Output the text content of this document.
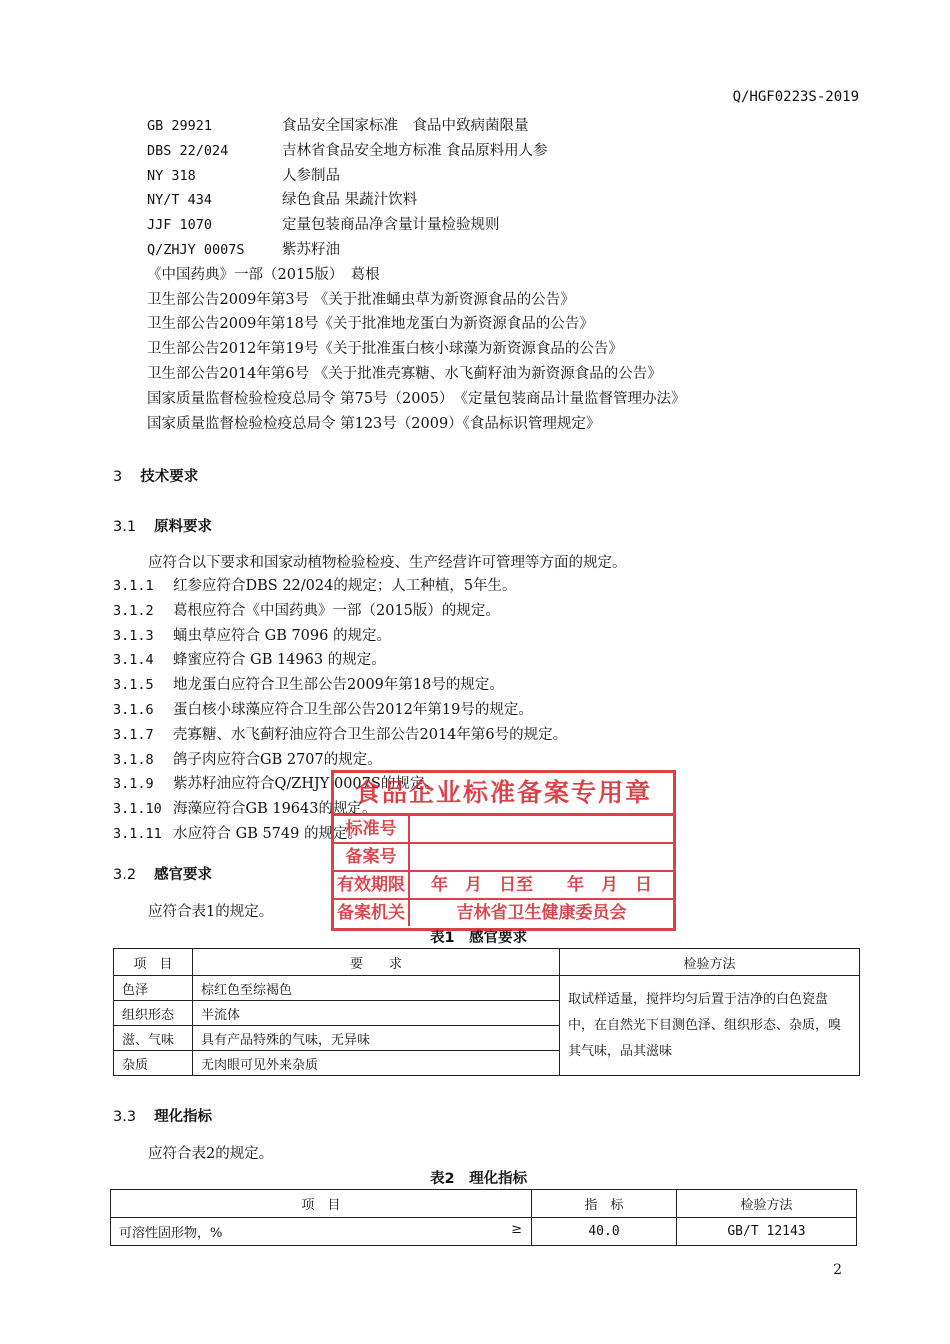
Q/HGF0223S-2019
GB 29921	食品安全国家标准　食品中致病菌限量
DBS 22/024	吉林省食品安全地方标准 食品原料用人参
NY 318	人参制品
NY/T 434	绿色食品 果蔬汁饮料
JJF 1070	定量包装商品净含量计量检验规则
Q/ZHJY 0007S	紫苏籽油
《中国药典》一部（2015版）　葛根
卫生部公告2009年第3号 《关于批准蛹虫草为新资源食品的公告》
卫生部公告2009年第18号《关于批准地龙蛋白为新资源食品的公告》
卫生部公告2012年第19号《关于批准蛋白核小球藻为新资源食品的公告》
卫生部公告2014年第6号 《关于批准壳寡糖、水飞蓟籽油为新资源食品的公告》
国家质量监督检验检疫总局令 第75号（2005）　《定量包装商品计量监督管理办法》
国家质量监督检验检疫总局令 第123号（2009）《食品标识管理规定》
3 技术要求
3.1 原料要求
应符合以下要求和国家动植物检验检疫、生产经营许可管理等方面的规定。
3.1.1 红参应符合DBS 22/024的规定；人工种植，5年生。
3.1.2 葛根应符合《中国药典》一部（2015版）的规定。
3.1.3 蛹虫草应符合 GB 7096 的规定。
3.1.4 蜂蜜应符合 GB 14963 的规定。
3.1.5 地龙蛋白应符合卫生部公告2009年第18号的规定。
3.1.6 蛋白核小球藻应符合卫生部公告2012年第19号的规定。
3.1.7 壳寡糖、水飞蓟籽油应符合卫生部公告2014年第6号的规定。
3.1.8 鸽子肉应符合GB 2707的规定。
3.1.9 紫苏籽油应符合Q/ZHJY 0007S的规定。
3.1.10 海藻应符合GB 19643的规定。
3.1.11 水应符合 GB 5749 的规定。
3.2 感官要求
应符合表1的规定。
表1　感官要求
项　目	要　　求	检验方法
色泽	棕红色至综褐色	取试样适量，搅拌均匀后置于洁净的白色瓷盘中，在自然光下目测色泽、组织形态、杂质，嗅其气味，品其滋味
组织形态	半流体	
滋、气味	具有产品特殊的气味，无异味	
杂质	无肉眼可见外来杂质	
3.3 理化指标
应符合表2的规定。
表2　理化指标
项　目	指　标	检验方法
可溶性固形物，% ≥	40.0	GB/T 12143
食品企业标准备案专用章
标准号
备案号
有效期限	年　月　日至　　年　月　日
备案机关	吉林省卫生健康委员会
2
